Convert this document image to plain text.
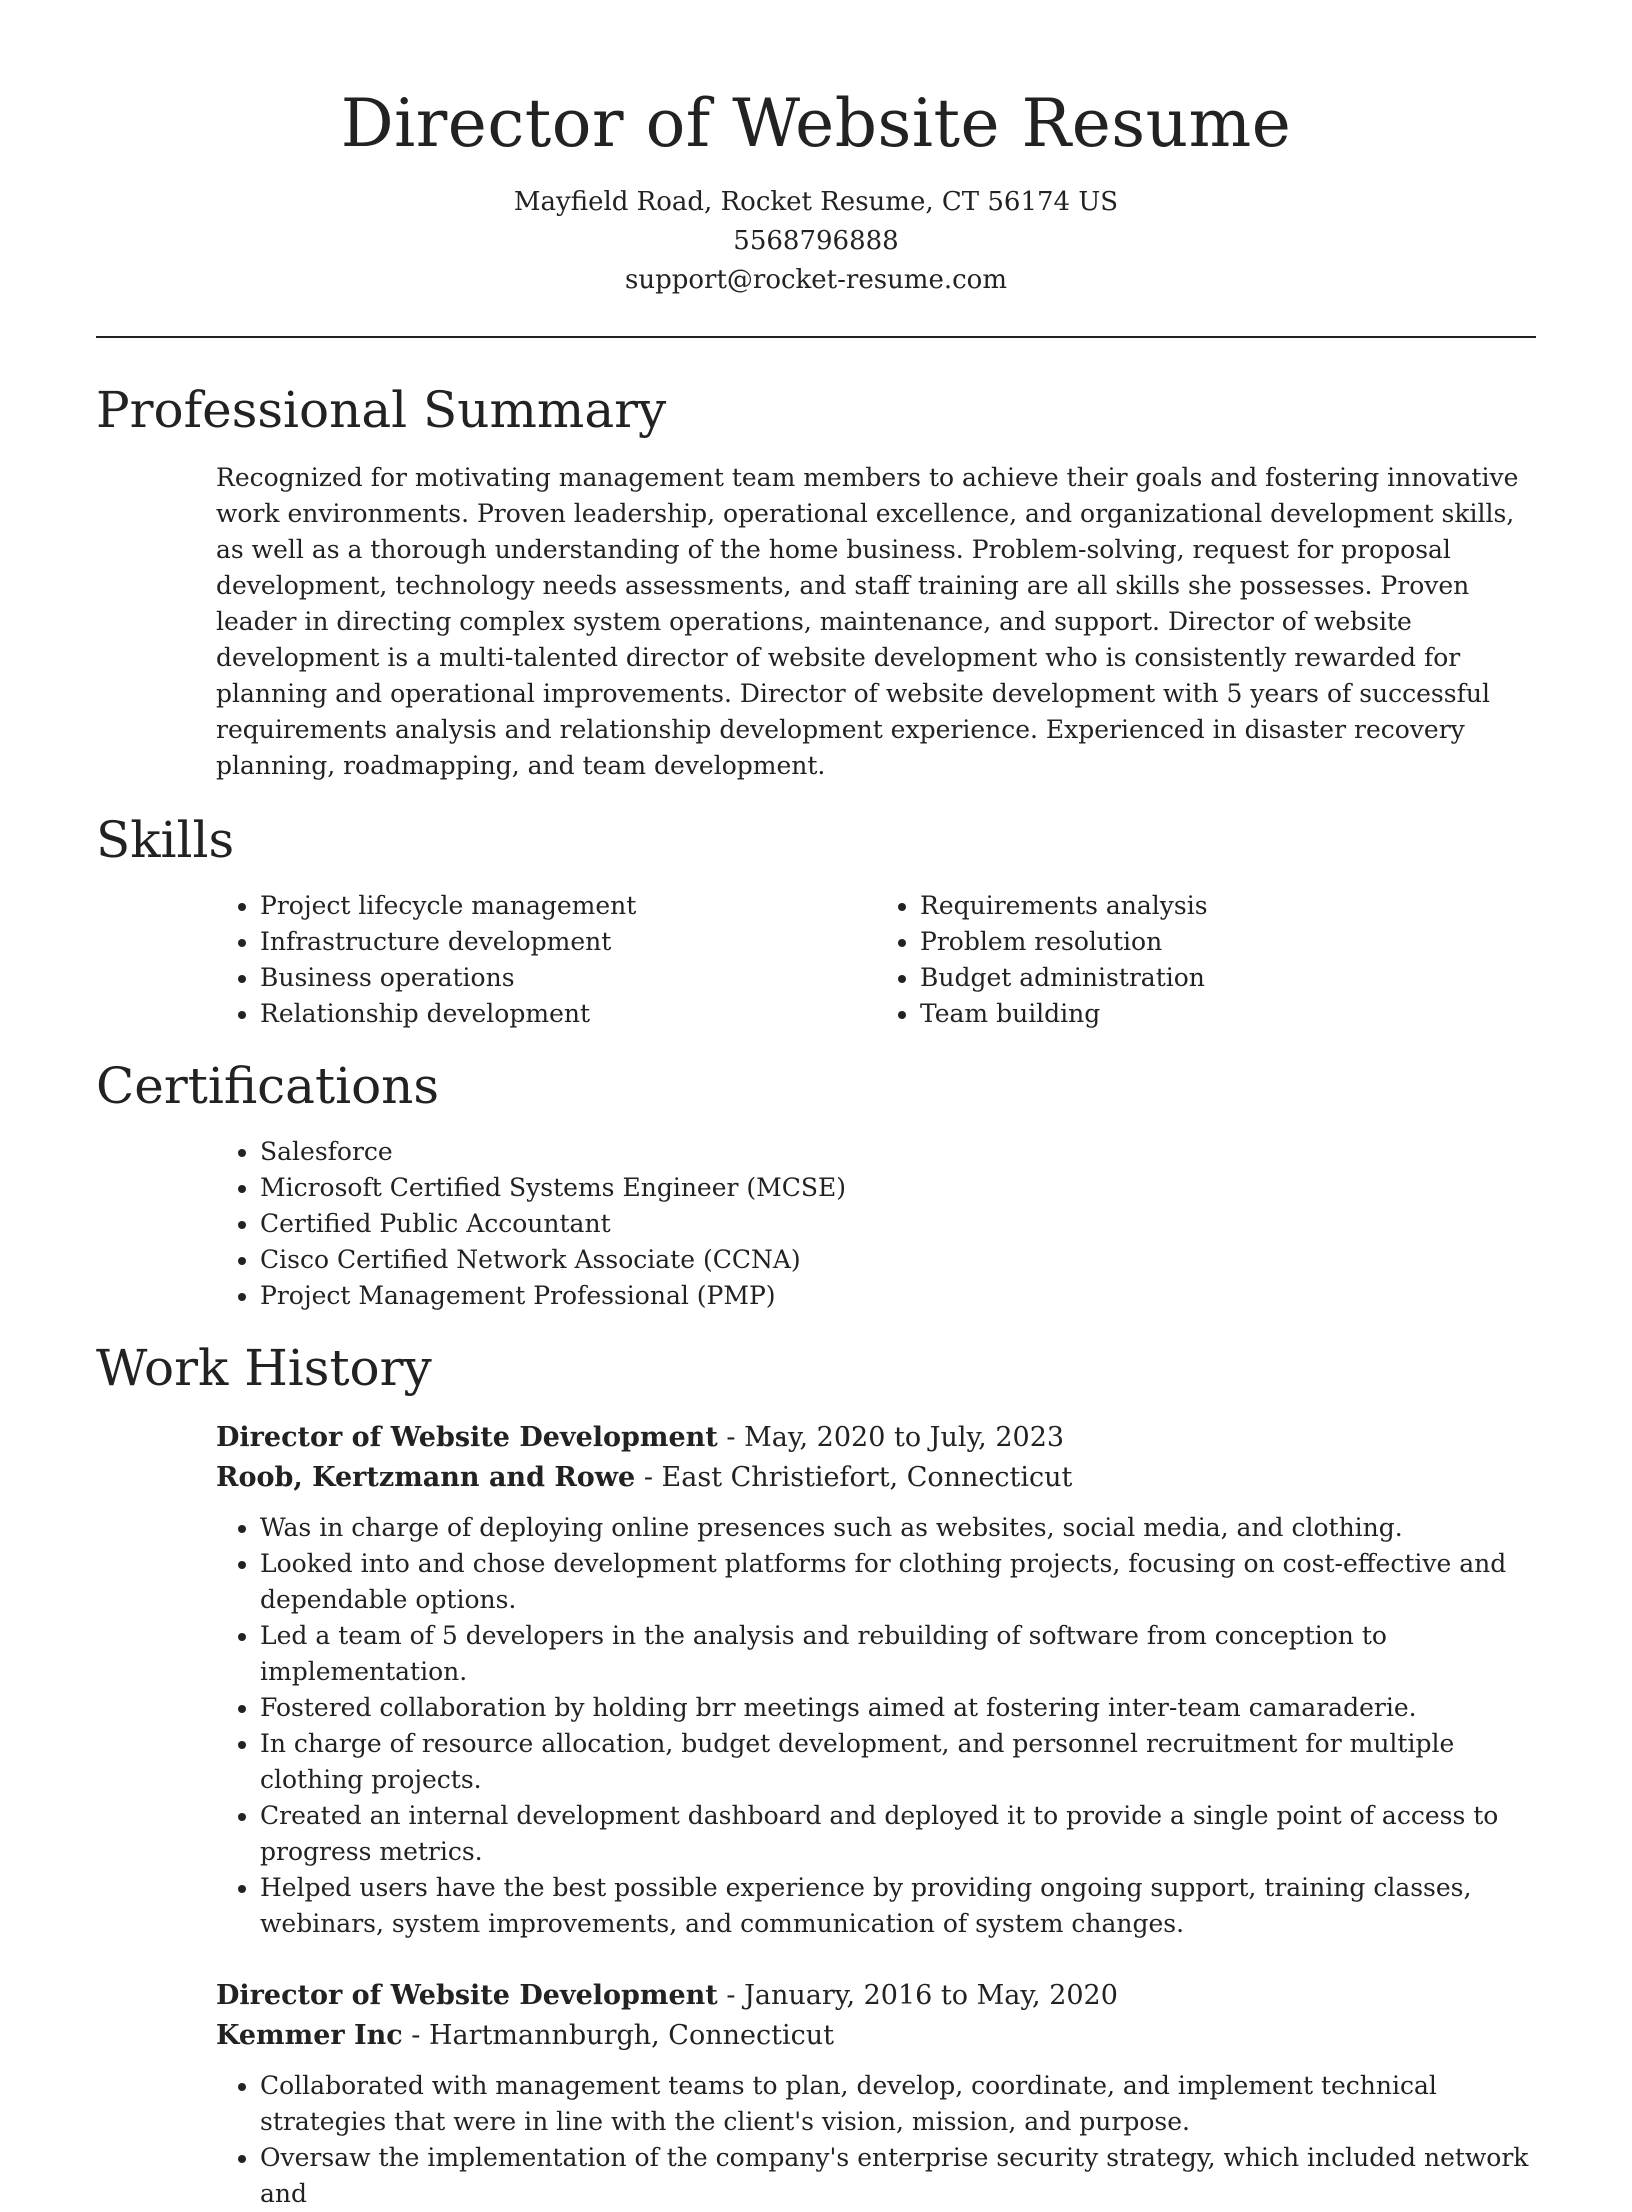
Director of Website Resume
Mayfield Road, Rocket Resume, CT 56174 US
5568796888
support@rocket-resume.com
Professional Summary

Recognized for motivating management team members to achieve their goals and fostering innovative work environments. Proven leadership, operational excellence, and organizational development skills, as well as a thorough understanding of the home business. Problem-solving, request for proposal development, technology needs assessments, and staff training are all skills she possesses. Proven leader in directing complex system operations, maintenance, and support. Director of website development is a multi-talented director of website development who is consistently rewarded for planning and operational improvements. Director of website development with 5 years of successful requirements analysis and relationship development experience. Experienced in disaster recovery planning, roadmapping, and team development.

Skills
• Project lifecycle management
• Infrastructure development
• Business operations
• Relationship development
• Requirements analysis
• Problem resolution
• Budget administration
• Team building
Certifications
• Salesforce
• Microsoft Certified Systems Engineer (MCSE)
• Certified Public Accountant
• Cisco Certified Network Associate (CCNA)
• Project Management Professional (PMP)
Work History
Director of Website Development - May, 2020 to July, 2023
Roob, Kertzmann and Rowe - East Christiefort, Connecticut
• Was in charge of deploying online presences such as websites, social media, and clothing.
• Looked into and chose development platforms for clothing projects, focusing on cost-effective and dependable options.
• Led a team of 5 developers in the analysis and rebuilding of software from conception to implementation.
• Fostered collaboration by holding brr meetings aimed at fostering inter-team camaraderie.
• In charge of resource allocation, budget development, and personnel recruitment for multiple clothing projects.
• Created an internal development dashboard and deployed it to provide a single point of access to progress metrics.
• Helped users have the best possible experience by providing ongoing support, training classes, webinars, system improvements, and communication of system changes.
Director of Website Development - January, 2016 to May, 2020
Kemmer Inc - Hartmannburgh, Connecticut
• Collaborated with management teams to plan, develop, coordinate, and implement technical strategies that were in line with the client's vision, mission, and purpose.
• Oversaw the implementation of the company's enterprise security strategy, which included network and
